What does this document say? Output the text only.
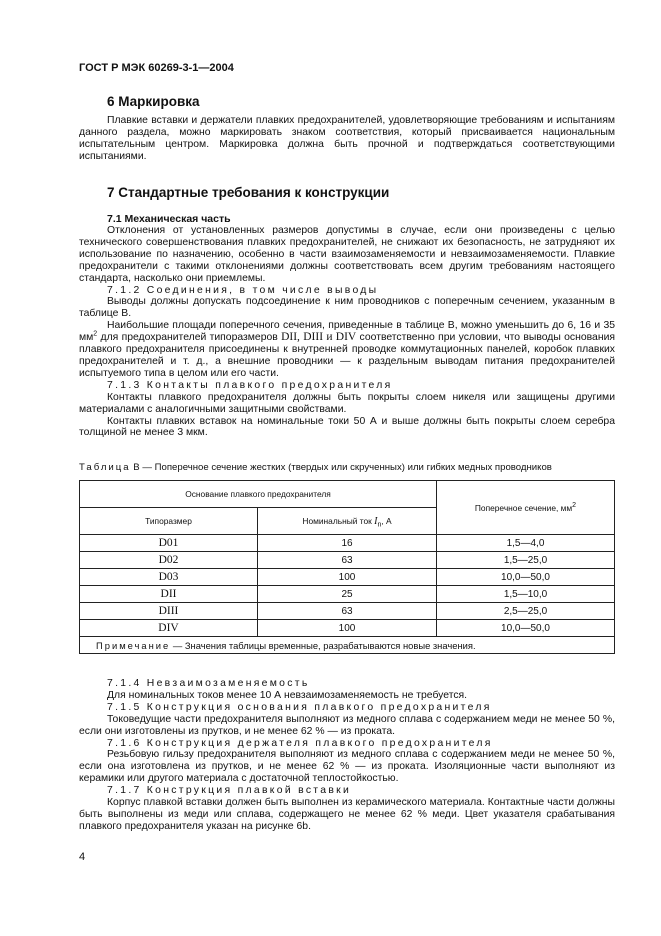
ГОСТ Р МЭК 60269-3-1—2004
6 Маркировка

Плавкие вставки и держатели плавких предохранителей, удовлетворяющие требованиям и испытаниям данного раздела, можно маркировать знаком соответствия, который присваивается национальным испытательным центром. Маркировка должна быть прочной и подтверждаться соответствующими испытаниями.

7 Стандартные требования к конструкции
7.1 Механическая часть

Отклонения от установленных размеров допустимы в случае, если они произведены с целью технического совершенствования плавких предохранителей, не снижают их безопасность, не затрудняют их использование по назначению, особенно в части взаимозаменяемости и невзаимозаменяемости. Плавкие предохранители с такими отклонениями должны соответствовать всем другим требованиям настоящего стандарта, насколько они приемлемы.

7.1.2 Соединения, в том числе выводы

Выводы должны допускать подсоединение к ним проводников с поперечным сечением, указанным в таблице В.

Наибольшие площади поперечного сечения, приведенные в таблице В, можно уменьшить до 6, 16 и 35 $мм^2$ для предохранителей типоразмеров DII, DIII и DIV соответственно при условии, что выводы основания плавкого предохранителя присоединены к внутренней проводке коммутационных панелей, коробок плавких предохранителей и т. д., а внешние проводники — к раздельным выводам питания предохранителей испытуемого типа в целом или его части.

7.1.3 Контакты плавкого предохранителя

Контакты плавкого предохранителя должны быть покрыты слоем никеля или защищены другими материалами с аналогичными защитными свойствами.

Контакты плавких вставок на номинальные токи 50 А и выше должны быть покрыты слоем серебра толщиной не менее 3 мкм.

Таблица В — Поперечное сечение жестких (твердых или скрученных) или гибких медных проводников
Основание плавкого предохранителя		Поперечное сечение, $мм^2$
Типоразмер	Номинальный ток $I_n$, А	
D01	16	1,5—4,0
D02	63	1,5—25,0
D03	100	10,0—50,0
DII	25	1,5—10,0
DIII	63	2,5—25,0
DIV	100	10,0—50,0
Примечание — Значения таблицы временные, разрабатываются новые значения.		

7.1.4 Невзаимозаменяемость

Для номинальных токов менее 10 А невзаимозаменяемость не требуется.

7.1.5 Конструкция основания плавкого предохранителя

Токоведущие части предохранителя выполняют из медного сплава с содержанием меди не менее 50 %, если они изготовлены из прутков, и не менее 62 % — из проката.

7.1.6 Конструкция держателя плавкого предохранителя

Резьбовую гильзу предохранителя выполняют из медного сплава с содержанием меди не менее 50 %, если она изготовлена из прутков, и не менее 62 % — из проката. Изоляционные части выполняют из керамики или другого материала с достаточной теплостойкостью.

7.1.7 Конструкция плавкой вставки

Корпус плавкой вставки должен быть выполнен из керамического материала. Контактные части должны быть выполнены из меди или сплава, содержащего не менее 62 % меди. Цвет указателя срабатывания плавкого предохранителя указан на рисунке 6b.

4
